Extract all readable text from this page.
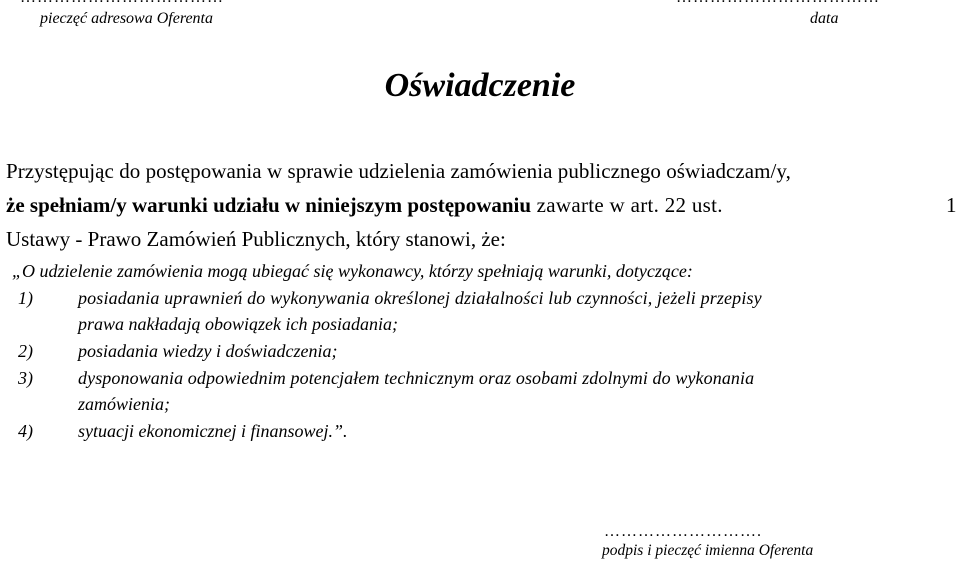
pieczęć adresowa Oferenta	data
Oświadczenie
Przystępując do postępowania w sprawie udzielenia zamówienia publicznego oświadczam/y,
że spełniam/y warunki udziału w niniejszym postępowaniu zawarte w art. 22 ust.	1
Ustawy - Prawo Zamówień Publicznych, który stanowi, że:
„O udzielenie zamówienia mogą ubiegać się wykonawcy, którzy spełniają warunki, dotyczące:
1)	posiadania uprawnień do wykonywania określonej działalności lub czynności, jeżeli przepisy
prawa nakładają obowiązek ich posiadania;
2)	posiadania wiedzy i doświadczenia;
3)	dysponowania odpowiednim potencjałem technicznym oraz osobami zdolnymi do wykonania
zamówienia;
4)	sytuacji ekonomicznej i finansowej.”.
……………………….
podpis i pieczęć imienna Oferenta
